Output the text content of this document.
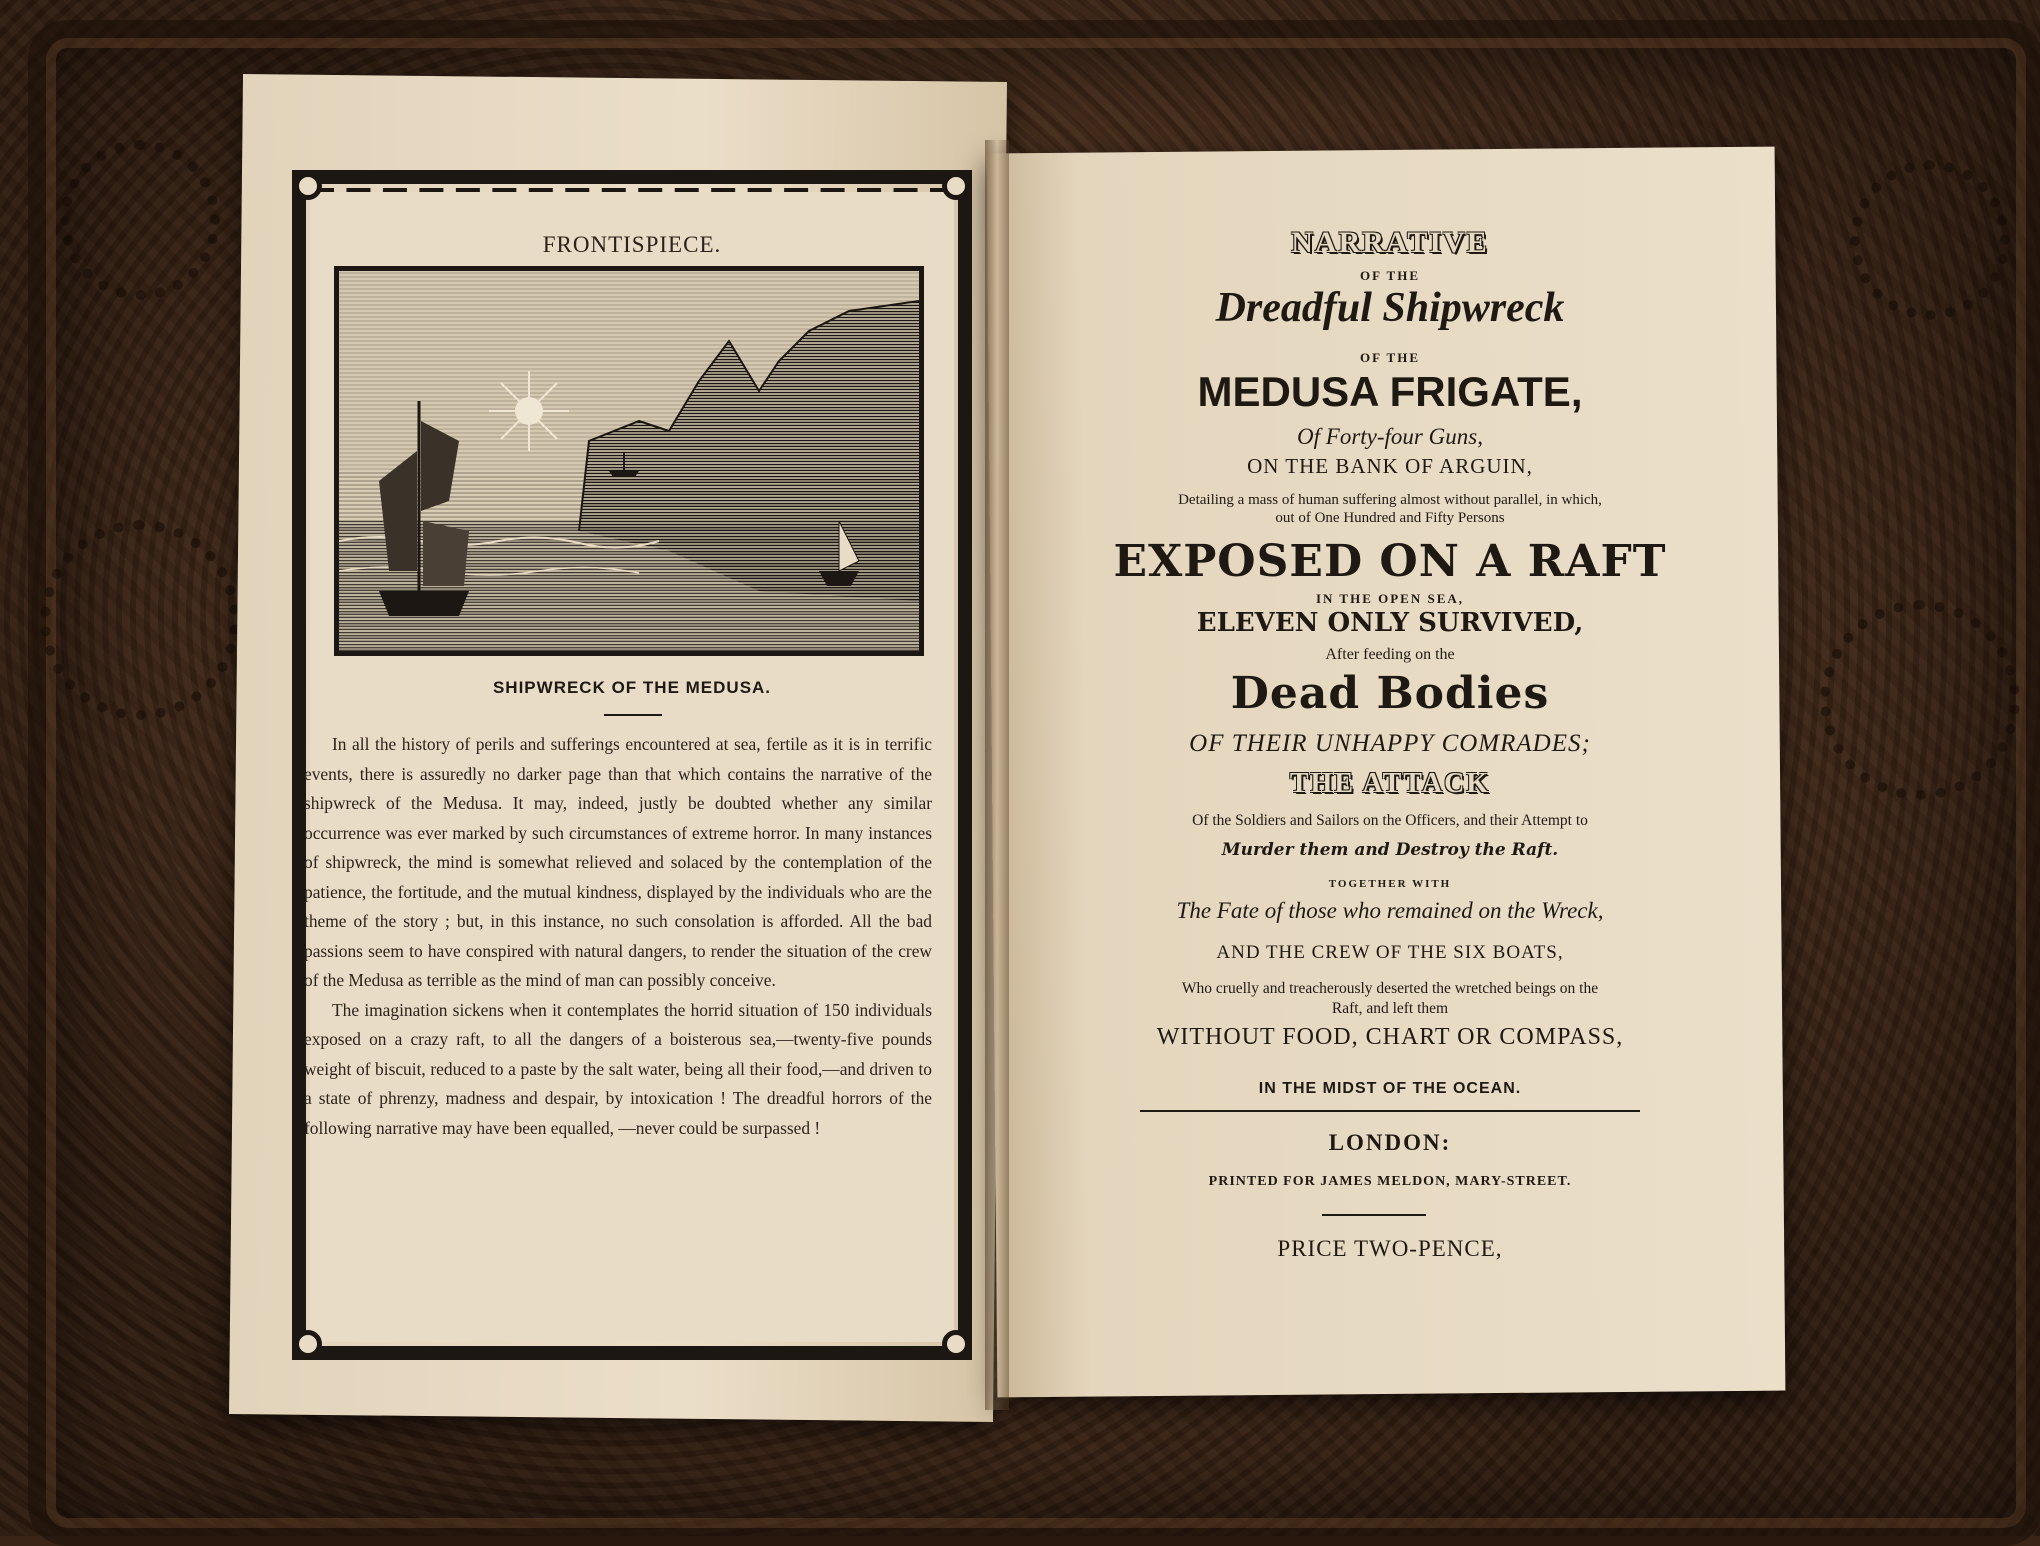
FRONTISPIECE.
SHIPWRECK OF THE MEDUSA.

In all the history of perils and sufferings encountered at sea, fertile as it is in terrific events, there is assuredly no darker page than that which contains the narrative of the shipwreck of the Medusa. It may, indeed, justly be doubted whether any similar occurrence was ever marked by such circumstances of extreme horror. In many instances of shipwreck, the mind is somewhat relieved and solaced by the contemplation of the patience, the fortitude, and the mutual kindness, displayed by the individuals who are the theme of the story ; but, in this instance, no such consolation is afforded. All the bad passions seem to have conspired with natural dangers, to render the situation of the crew of the Medusa as terrible as the mind of man can possibly conceive.

The imagination sickens when it contemplates the horrid situation of 150 individuals exposed on a crazy raft, to all the dangers of a boisterous sea,—twenty-five pounds weight of biscuit, reduced to a paste by the salt water, being all their food,—and driven to a state of phrenzy, madness and despair, by intoxication ! The dreadful horrors of the following narrative may have been equalled, —never could be surpassed !

NARRATIVE
OF THE
Dreadful Shipwreck
OF THE
MEDUSA FRIGATE,
Of Forty-four Guns,
ON THE BANK OF ARGUIN,
Detailing a mass of human suffering almost without parallel, in which,
out of One Hundred and Fifty Persons
EXPOSED ON A RAFT
IN THE OPEN SEA,
ELEVEN ONLY SURVIVED,
After feeding on the
Dead Bodies
OF THEIR UNHAPPY COMRADES;
THE ATTACK
Of the Soldiers and Sailors on the Officers, and their Attempt to
Murder them and Destroy the Raft.
TOGETHER WITH
The Fate of those who remained on the Wreck,
AND THE CREW OF THE SIX BOATS,
Who cruelly and treacherously deserted the wretched beings on the
Raft, and left them
WITHOUT FOOD, CHART OR COMPASS,
IN THE MIDST OF THE OCEAN.
LONDON:
PRINTED FOR JAMES MELDON, MARY-STREET.
PRICE TWO-PENCE,
